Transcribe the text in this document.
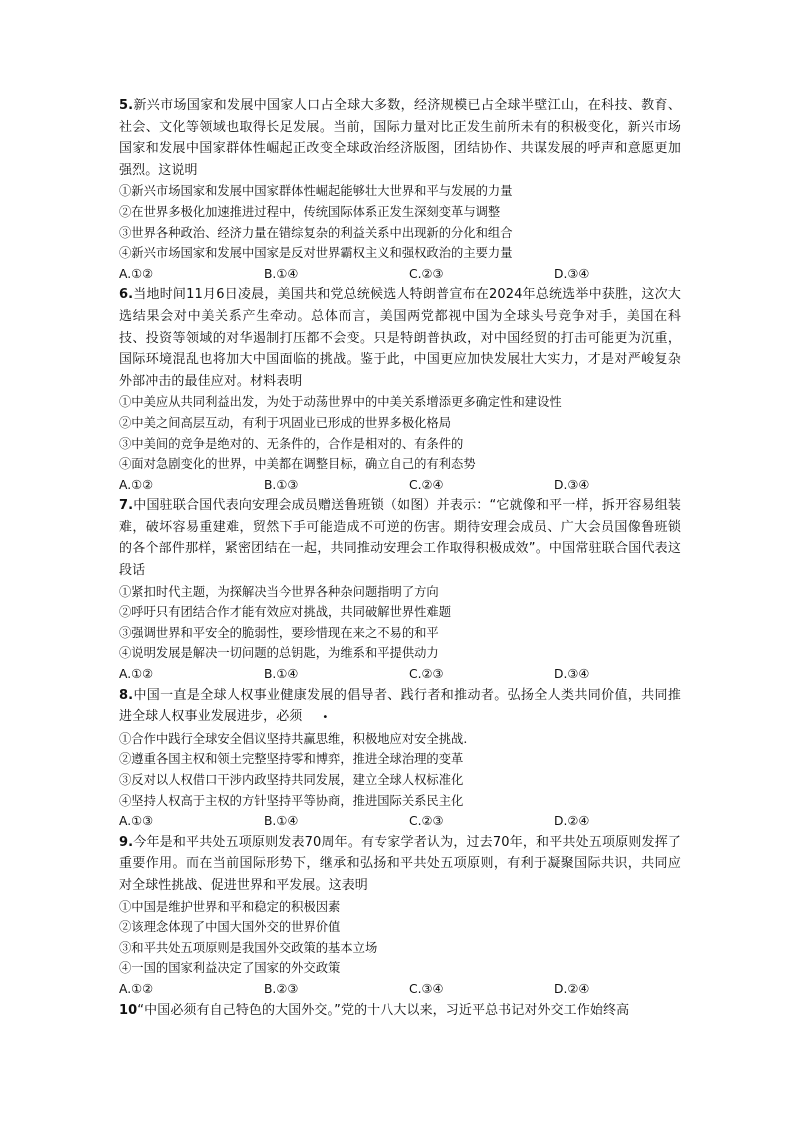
5.新兴市场国家和发展中国家人口占全球大多数，经济规模已占全球半壁江山，在科技、教育、社会、文化等领域也取得长足发展。当前，国际力量对比正发生前所未有的积极变化，新兴市场国家和发展中国家群体性崛起正改变全球政治经济版图，团结协作、共谋发展的呼声和意愿更加强烈。这说明

①新兴市场国家和发展中国家群体性崛起能够壮大世界和平与发展的力量

②在世界多极化加速推进过程中，传统国际体系正发生深刻变革与调整

③世界各种政治、经济力量在错综复杂的利益关系中出现新的分化和组合

④新兴市场国家和发展中国家是反对世界霸权主义和强权政治的主要力量

A.①②	B.①④	C.②③	D.③④

6.当地时间11月6日凌晨，美国共和党总统候选人特朗普宣布在2024年总统选举中获胜，这次大选结果会对中美关系产生牵动。总体而言，美国两党都视中国为全球头号竞争对手，美国在科技、投资等领域的对华遏制打压都不会变。只是特朗普执政，对中国经贸的打击可能更为沉重，国际环境混乱也将加大中国面临的挑战。鉴于此，中国更应加快发展壮大实力，才是对严峻复杂外部冲击的最佳应对。材料表明

①中美应从共同利益出发，为处于动荡世界中的中美关系增添更多确定性和建设性

②中美之间高层互动，有利于巩固业已形成的世界多极化格局

③中美间的竞争是绝对的、无条件的，合作是相对的、有条件的

④面对急剧变化的世界，中美都在调整目标，确立自己的有利态势

A.①②	B.①③	C.②④	D.③④

7.中国驻联合国代表向安理会成员赠送鲁班锁（如图）并表示：“它就像和平一样，拆开容易组装难，破坏容易重建难，贸然下手可能造成不可逆的伤害。期待安理会成员、广大会员国像鲁班锁的各个部件那样，紧密团结在一起，共同推动安理会工作取得积极成效”。中国常驻联合国代表这段话

①紧扣时代主题，为探解决当今世界各种杂问题指明了方向

②呼吁只有团结合作才能有效应对挑战，共同破解世界性难题

③强调世界和平安全的脆弱性，要珍惜现在来之不易的和平

④说明发展是解决一切问题的总钥匙，为维系和平提供动力

A.①②	B.①④	C.②③	D.③④

8.中国一直是全球人权事业健康发展的倡导者、践行者和推动者。弘扬全人类共同价值，共同推进全球人权事业发展进步，必须 •

①合作中践行全球安全倡议坚持共赢思维，积极地应对安全挑战.

②遵重各国主权和领土完整坚持零和博弈，推进全球治理的变革

③反对以人权借口干涉内政坚持共同发展，建立全球人权标准化

④坚持人权高于主权的方针坚持平等协商，推进国际关系民主化

A.①③	B.①④	C.②③	D.②④

9.今年是和平共处五项原则发表70周年。有专家学者认为，过去70年，和平共处五项原则发挥了重要作用。而在当前国际形势下，继承和弘扬和平共处五项原则，有利于凝聚国际共识，共同应对全球性挑战、促进世界和平发展。这表明

①中国是维护世界和平和稳定的积极因素

②该理念体现了中国大国外交的世界价值

③和平共处五项原则是我国外交政策的基本立场

④一国的国家利益决定了国家的外交政策

A.①②	B.②③	C.③④	D.②④

10“中国必须有自己特色的大国外交。”党的十八大以来，习近平总书记对外交工作始终高
